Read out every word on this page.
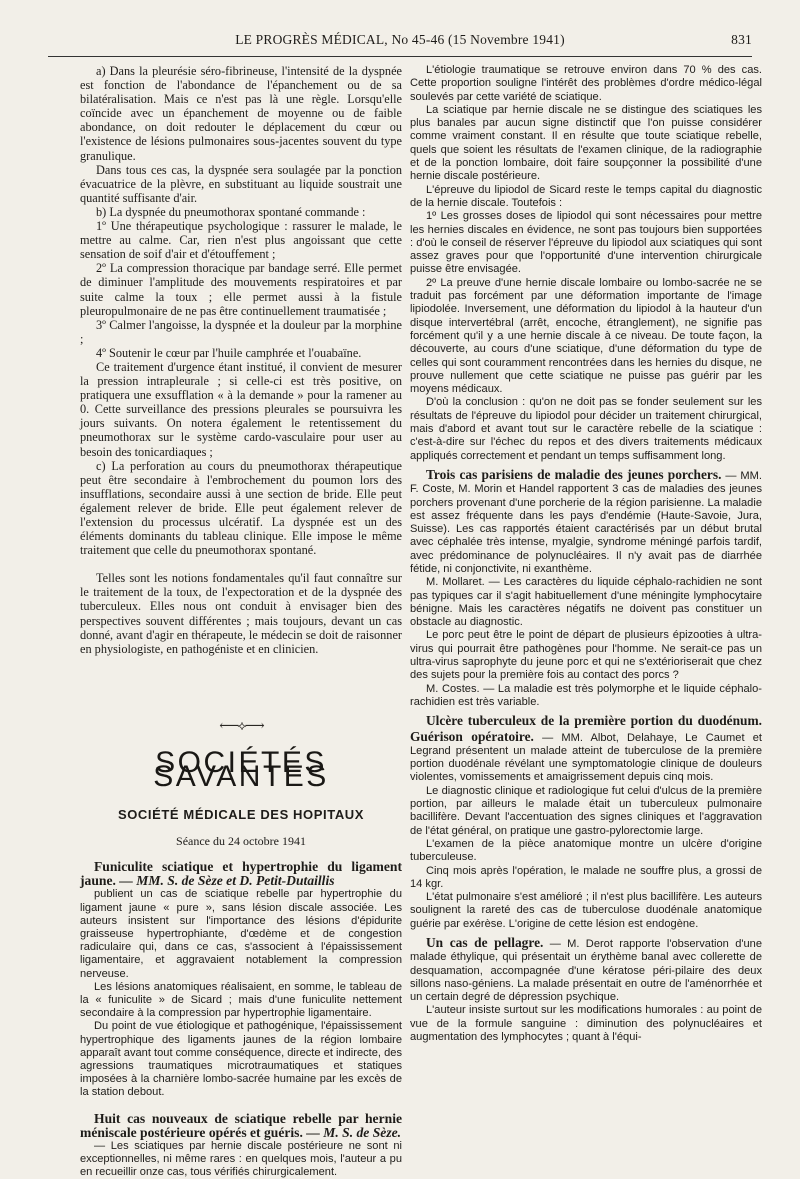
LE PROGRÈS MÉDICAL, No 45-46 (15 Novembre 1941)	831

a) Dans la pleurésie séro-fibrineuse, l'intensité de la dyspnée est fonction de l'abondance de l'épanchement ou de sa bilatéralisation. Mais ce n'est pas là une règle. Lorsqu'elle coïncide avec un épanchement de moyenne ou de faible abondance, on doit redouter le déplacement du cœur ou l'existence de lésions pulmonaires sous-jacentes souvent du type granulique.

Dans tous ces cas, la dyspnée sera soulagée par la ponction évacuatrice de la plèvre, en substituant au liquide soustrait une quantité suffisante d'air.

b) La dyspnée du pneumothorax spontané commande :

1º Une thérapeutique psychologique : rassurer le malade, le mettre au calme. Car, rien n'est plus angoissant que cette sensation de soif d'air et d'étouffement ;

2º La compression thoracique par bandage serré. Elle permet de diminuer l'amplitude des mouvements respiratoires et par suite calme la toux ; elle permet aussi à la fistule pleuropulmonaire de ne pas être continuellement traumatisée ;

3º Calmer l'angoisse, la dyspnée et la douleur par la morphine ;

4º Soutenir le cœur par l'huile camphrée et l'ouabaïne.

Ce traitement d'urgence étant institué, il convient de mesurer la pression intrapleurale ; si celle-ci est très positive, on pratiquera une exsufflation « à la demande » pour la ramener au 0. Cette surveillance des pressions pleurales se poursuivra les jours suivants. On notera également le retentissement du pneumothorax sur le système cardo-vasculaire pour user au besoin des tonicardiaques ;

c) La perforation au cours du pneumothorax thérapeutique peut être secondaire à l'embrochement du poumon lors des insufflations, secondaire aussi à une section de bride. Elle peut également relever de bride. Elle peut également relever de l'extension du processus ulcératif. La dyspnée est un des éléments dominants du tableau clinique. Elle impose le même traitement que celle du pneumothorax spontané.

Telles sont les notions fondamentales qu'il faut connaître sur le traitement de la toux, de l'expectoration et de la dyspnée des tuberculeux. Elles nous ont conduit à envisager bien des perspectives souvent différentes ; mais toujours, devant un cas donné, avant d'agir en thérapeute, le médecin se doit de raisonner en physiologiste, en pathogéniste et en clinicien.

⟵⟡⟶
SOCIÉTÉS SAVANTES
SOCIÉTÉ MÉDICALE DES HOPITAUX
Séance du 24 octobre 1941

Funiculite sciatique et hypertrophie du ligament jaune. — MM. S. de Sèze et D. Petit-Dutaillis

publient un cas de sciatique rebelle par hypertrophie du ligament jaune « pure », sans lésion discale associée. Les auteurs insistent sur l'importance des lésions d'épidurite graisseuse hypertrophiante, d'œdème et de congestion radiculaire qui, dans ce cas, s'associent à l'épaississement ligamentaire, et aggravaient notablement la compression nerveuse.

Les lésions anatomiques réalisaient, en somme, le tableau de la « funiculite » de Sicard ; mais d'une funiculite nettement secondaire à la compression par hypertrophie ligamentaire.

Du point de vue étiologique et pathogénique, l'épaississement hypertrophique des ligaments jaunes de la région lombaire apparaît avant tout comme conséquence, directe et indirecte, des agressions traumatiques microtraumatiques et statiques imposées à la charnière lombo-sacrée humaine par les excès de la station debout.

Huit cas nouveaux de sciatique rebelle par hernie méniscale postérieure opérés et guéris. — M. S. de Sèze.

— Les sciatiques par hernie discale postérieure ne sont ni exceptionnelles, ni même rares : en quelques mois, l'auteur a pu en recueillir onze cas, tous vérifiés chirurgicalement.

L'étiologie traumatique se retrouve environ dans 70 % des cas. Cette proportion souligne l'intérêt des problèmes d'ordre médico-légal soulevés par cette variété de sciatique.

La sciatique par hernie discale ne se distingue des sciatiques les plus banales par aucun signe distinctif que l'on puisse considérer comme vraiment constant. Il en résulte que toute sciatique rebelle, quels que soient les résultats de l'examen clinique, de la radiographie et de la ponction lombaire, doit faire soupçonner la possibilité d'une hernie discale postérieure.

L'épreuve du lipiodol de Sicard reste le temps capital du diagnostic de la hernie discale. Toutefois :

1º Les grosses doses de lipiodol qui sont nécessaires pour mettre les hernies discales en évidence, ne sont pas toujours bien supportées : d'où le conseil de réserver l'épreuve du lipiodol aux sciatiques qui sont assez graves pour que l'opportunité d'une intervention chirurgicale puisse être envisagée.

2º La preuve d'une hernie discale lombaire ou lombo-sacrée ne se traduit pas forcément par une déformation importante de l'image lipiodolée. Inversement, une déformation du lipiodol à la hauteur d'un disque intervertébral (arrêt, encoche, étranglement), ne signifie pas forcément qu'il y a une hernie discale à ce niveau. De toute façon, la découverte, au cours d'une sciatique, d'une déformation du type de celles qui sont couramment rencontrées dans les hernies du disque, ne prouve nullement que cette sciatique ne puisse pas guérir par les moyens médicaux.

D'où la conclusion : qu'on ne doit pas se fonder seulement sur les résultats de l'épreuve du lipiodol pour décider un traitement chirurgical, mais d'abord et avant tout sur le caractère rebelle de la sciatique : c'est-à-dire sur l'échec du repos et des divers traitements médicaux appliqués correctement et pendant un temps suffisamment long.

Trois cas parisiens de maladie des jeunes porchers. — MM. F. Coste, M. Morin et Handel rapportent 3 cas de maladies des jeunes porchers provenant d'une porcherie de la région parisienne. La maladie est assez fréquente dans les pays d'endémie (Haute-Savoie, Jura, Suisse). Les cas rapportés étaient caractérisés par un début brutal avec céphalée très intense, myalgie, syndrome méningé parfois tardif, avec prédominance de polynucléaires. Il n'y avait pas de diarrhée fétide, ni conjonctivite, ni exanthème.

M. Mollaret. — Les caractères du liquide céphalo-rachidien ne sont pas typiques car il s'agit habituellement d'une méningite lymphocytaire bénigne. Mais les caractères négatifs ne doivent pas constituer un obstacle au diagnostic.

Le porc peut être le point de départ de plusieurs épizooties à ultra-virus qui pourrait être pathogènes pour l'homme. Ne serait-ce pas un ultra-virus saprophyte du jeune porc et qui ne s'extérioriserait que chez des sujets pour la première fois au contact des porcs ?

M. Costes. — La maladie est très polymorphe et le liquide céphalo-rachidien est très variable.

Ulcère tuberculeux de la première portion du duodénum. Guérison opératoire. — MM. Albot, Delahaye, Le Caumet et Legrand présentent un malade atteint de tuberculose de la première portion duodénale révélant une symptomatologie clinique de douleurs violentes, vomissements et amaigrissement depuis cinq mois.

Le diagnostic clinique et radiologique fut celui d'ulcus de la première portion, par ailleurs le malade était un tuberculeux pulmonaire bacillifère. Devant l'accentuation des signes cliniques et l'aggravation de l'état général, on pratique une gastro-pylorectomie large.

L'examen de la pièce anatomique montre un ulcère d'origine tuberculeuse.

Cinq mois après l'opération, le malade ne souffre plus, a grossi de 14 kgr.

L'état pulmonaire s'est amélioré ; il n'est plus bacillifère. Les auteurs soulignent la rareté des cas de tuberculose duodénale anatomique guérie par exérèse. L'origine de cette lésion est endogène.

Un cas de pellagre. — M. Derot rapporte l'observation d'une malade éthylique, qui présentait un érythème banal avec collerette de desquamation, accompagnée d'une kératose péri-pilaire des deux sillons naso-géniens. La malade présentait en outre de l'aménorrhée et un certain degré de dépression psychique.

L'auteur insiste surtout sur les modifications humorales : au point de vue de la formule sanguine : diminution des polynucléaires et augmentation des lymphocytes ; quant à l'équi-
